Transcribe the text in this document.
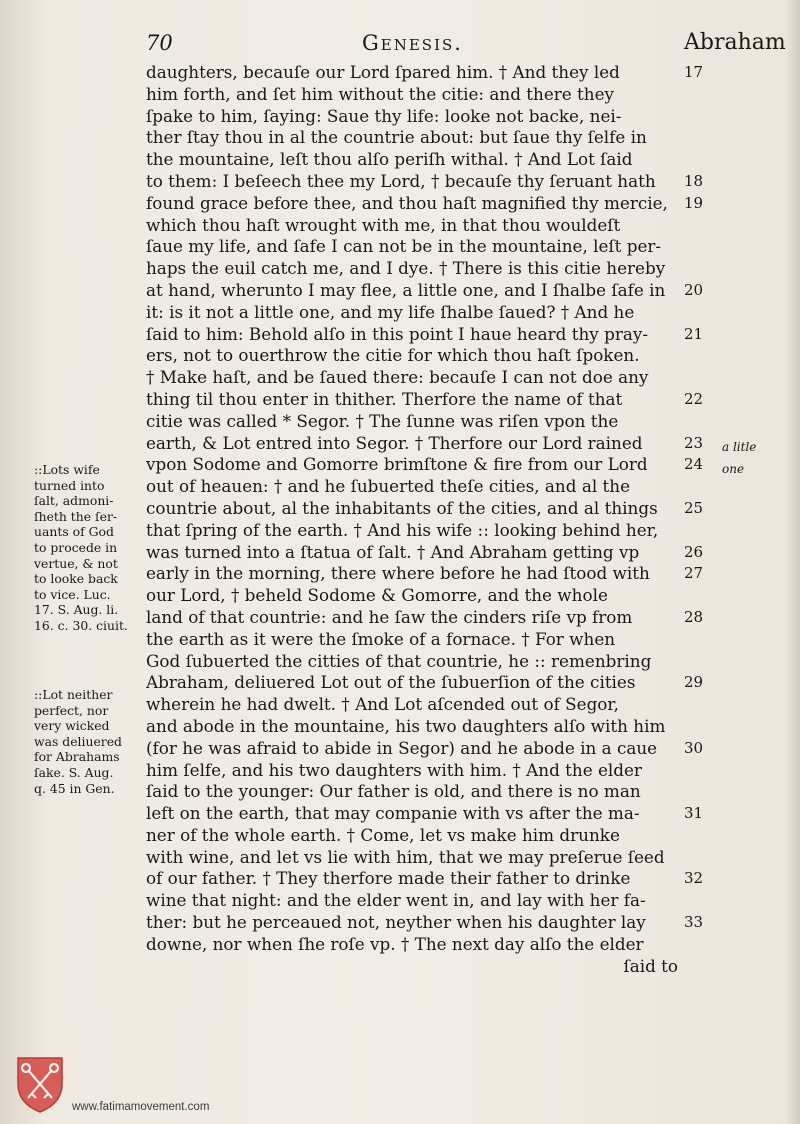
70	Genesis.	Abraham
daughters, becauſe our Lord ſpared him. † And they led
him forth, and ſet him without the citie: and there they
ſpake to him, ſaying: Saue thy life: looke not backe, nei-
ther ſtay thou in al the countrie about: but ſaue thy ſelfe in
the mountaine, leſt thou alſo periſh withal. † And Lot ſaid
to them: I beſeech thee my Lord, † becauſe thy ſeruant hath
found grace before thee, and thou haſt magnified thy mercie,
which thou haſt wrought with me, in that thou wouldeſt
ſaue my life, and ſafe I can not be in the mountaine, leſt per-
haps the euil catch me, and I dye. † There is this citie hereby
at hand, wherunto I may flee, a little one, and I ſhalbe ſafe in
it: is it not a little one, and my life ſhalbe ſaued? † And he
ſaid to him: Behold alſo in this point I haue heard thy pray-
ers, not to ouerthrow the citie for which thou haſt ſpoken.
† Make haſt, and be ſaued there: becauſe I can not doe any
thing til thou enter in thither. Therfore the name of that
citie was called * Segor. † The ſunne was riſen vpon the
earth, & Lot entred into Segor. † Therfore our Lord rained
vpon Sodome and Gomorre brimſtone & fire from our Lord
out of heauen: † and he ſubuerted theſe cities, and al the
countrie about, al the inhabitants of the cities, and al things
that ſpring of the earth. † And his wife :: looking behind her,
was turned into a ſtatua of ſalt. † And Abraham getting vp
early in the morning, there where before he had ſtood with
our Lord, † beheld Sodome & Gomorre, and the whole
land of that countrie: and he ſaw the cinders riſe vp from
the earth as it were the ſmoke of a fornace. † For when
God ſubuerted the citties of that countrie, he :: remenbring
Abraham, deliuered Lot out of the ſubuerſion of the cities
wherein he had dwelt. † And Lot aſcended out of Segor,
and abode in the mountaine, his two daughters alſo with him
(for he was afraid to abide in Segor) and he abode in a caue
him ſelfe, and his two daughters with him. † And the elder
ſaid to the younger: Our father is old, and there is no man
left on the earth, that may companie with vs after the ma-
ner of the whole earth. † Come, let vs make him drunke
with wine, and let vs lie with him, that we may preſerue ſeed
of our father. † They therfore made their father to drinke
wine that night: and the elder went in, and lay with her fa-
ther: but he perceaued not, neyther when his daughter lay
downe, nor when ſhe roſe vp. † The next day alſo the elder
ſaid to
17
18
19
20
21
22
23
24
25
26
27
28
29
30
31
32
33
a litle
one
::Lots wife
turned into
ſalt, admoni-
ſheth the ſer-
uants of God
to procede in
vertue, & not
to looke back
to vice. Luc.
17. S. Aug. li.
16. c. 30. ciuit.
::Lot neither
perfect, nor
very wicked
was deliuered
for Abrahams
ſake. S. Aug.
q. 45 in Gen.
www.fatimamovement.com
